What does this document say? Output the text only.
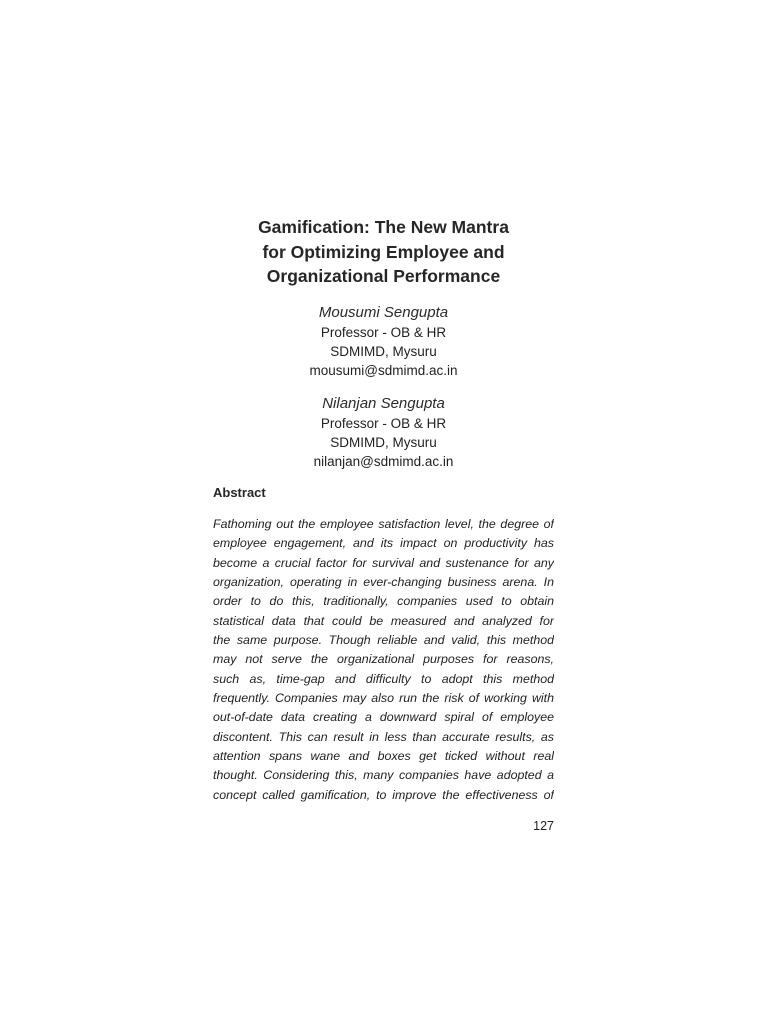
Gamification: The New Mantra
for Optimizing Employee and
Organizational Performance
Mousumi Sengupta
Professor - OB & HR
SDMIMD, Mysuru
mousumi@sdmimd.ac.in
Nilanjan Sengupta
Professor - OB & HR
SDMIMD, Mysuru
nilanjan@sdmimd.ac.in
Abstract
Fathoming out the employee satisfaction level, the degree of
employee engagement, and its impact on productivity has
become a crucial factor for survival and sustenance for any
organization, operating in ever-changing business arena. In
order to do this, traditionally, companies used to obtain
statistical data that could be measured and analyzed for
the same purpose. Though reliable and valid, this method
may not serve the organizational purposes for reasons,
such as, time-gap and difficulty to adopt this method
frequently. Companies may also run the risk of working with
out-of-date data creating a downward spiral of employee
discontent. This can result in less than accurate results, as
attention spans wane and boxes get ticked without real
thought. Considering this, many companies have adopted a
concept called gamification, to improve the effectiveness of
127
